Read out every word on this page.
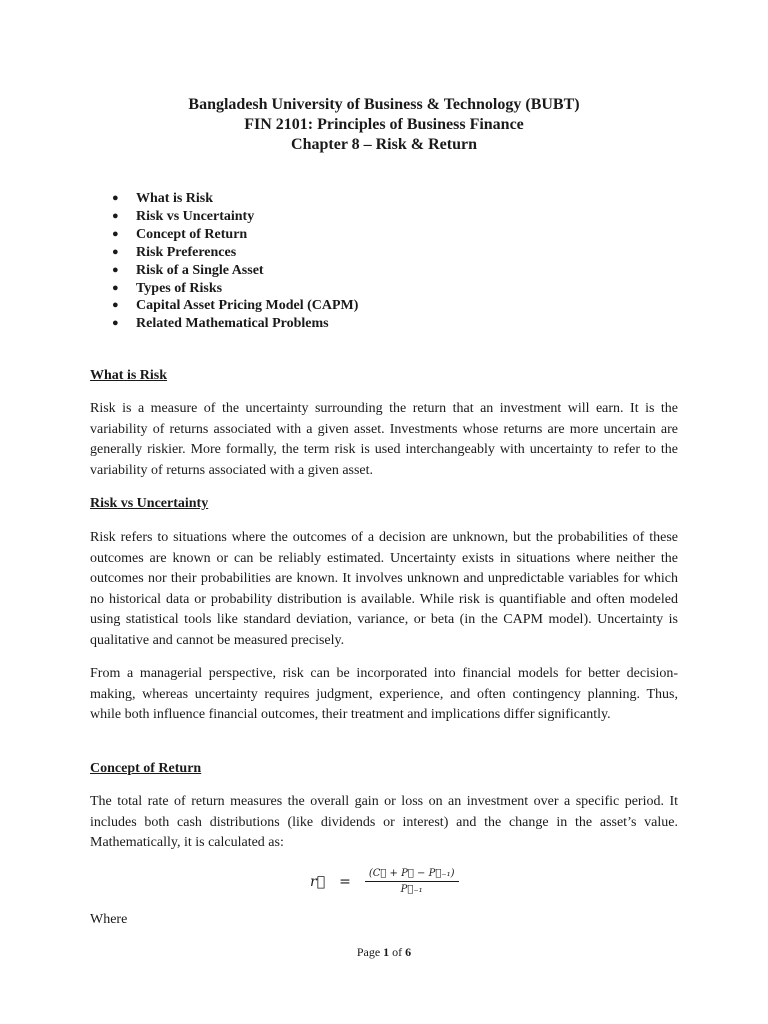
Bangladesh University of Business & Technology (BUBT)
FIN 2101: Principles of Business Finance
Chapter 8 – Risk & Return
● What is Risk
● Risk vs Uncertainty
● Concept of Return
● Risk Preferences
● Risk of a Single Asset
● Types of Risks
● Capital Asset Pricing Model (CAPM)
● Related Mathematical Problems
What is Risk

Risk is a measure of the uncertainty surrounding the return that an investment will earn. It is the variability of returns associated with a given asset. Investments whose returns are more uncertain are generally riskier. More formally, the term risk is used interchangeably with uncertainty to refer to the variability of returns associated with a given asset.

Risk vs Uncertainty

Risk refers to situations where the outcomes of a decision are unknown, but the probabilities of these outcomes are known or can be reliably estimated. Uncertainty exists in situations where neither the outcomes nor their probabilities are known. It involves unknown and unpredictable variables for which no historical data or probability distribution is available. While risk is quantifiable and often modeled using statistical tools like standard deviation, variance, or beta (in the CAPM model). Uncertainty is qualitative and cannot be measured precisely.

From a managerial perspective, risk can be incorporated into financial models for better decision-making, whereas uncertainty requires judgment, experience, and often contingency planning. Thus, while both influence financial outcomes, their treatment and implications differ significantly.

Concept of Return

The total rate of return measures the overall gain or loss on an investment over a specific period. It includes both cash distributions (like dividends or interest) and the change in the asset’s value. Mathematically, it is calculated as:

r  = $\frac{\text{(C  + P  − P ₋₁)}}{\text{P ₋₁}}$
Where
Page 1 of 6
